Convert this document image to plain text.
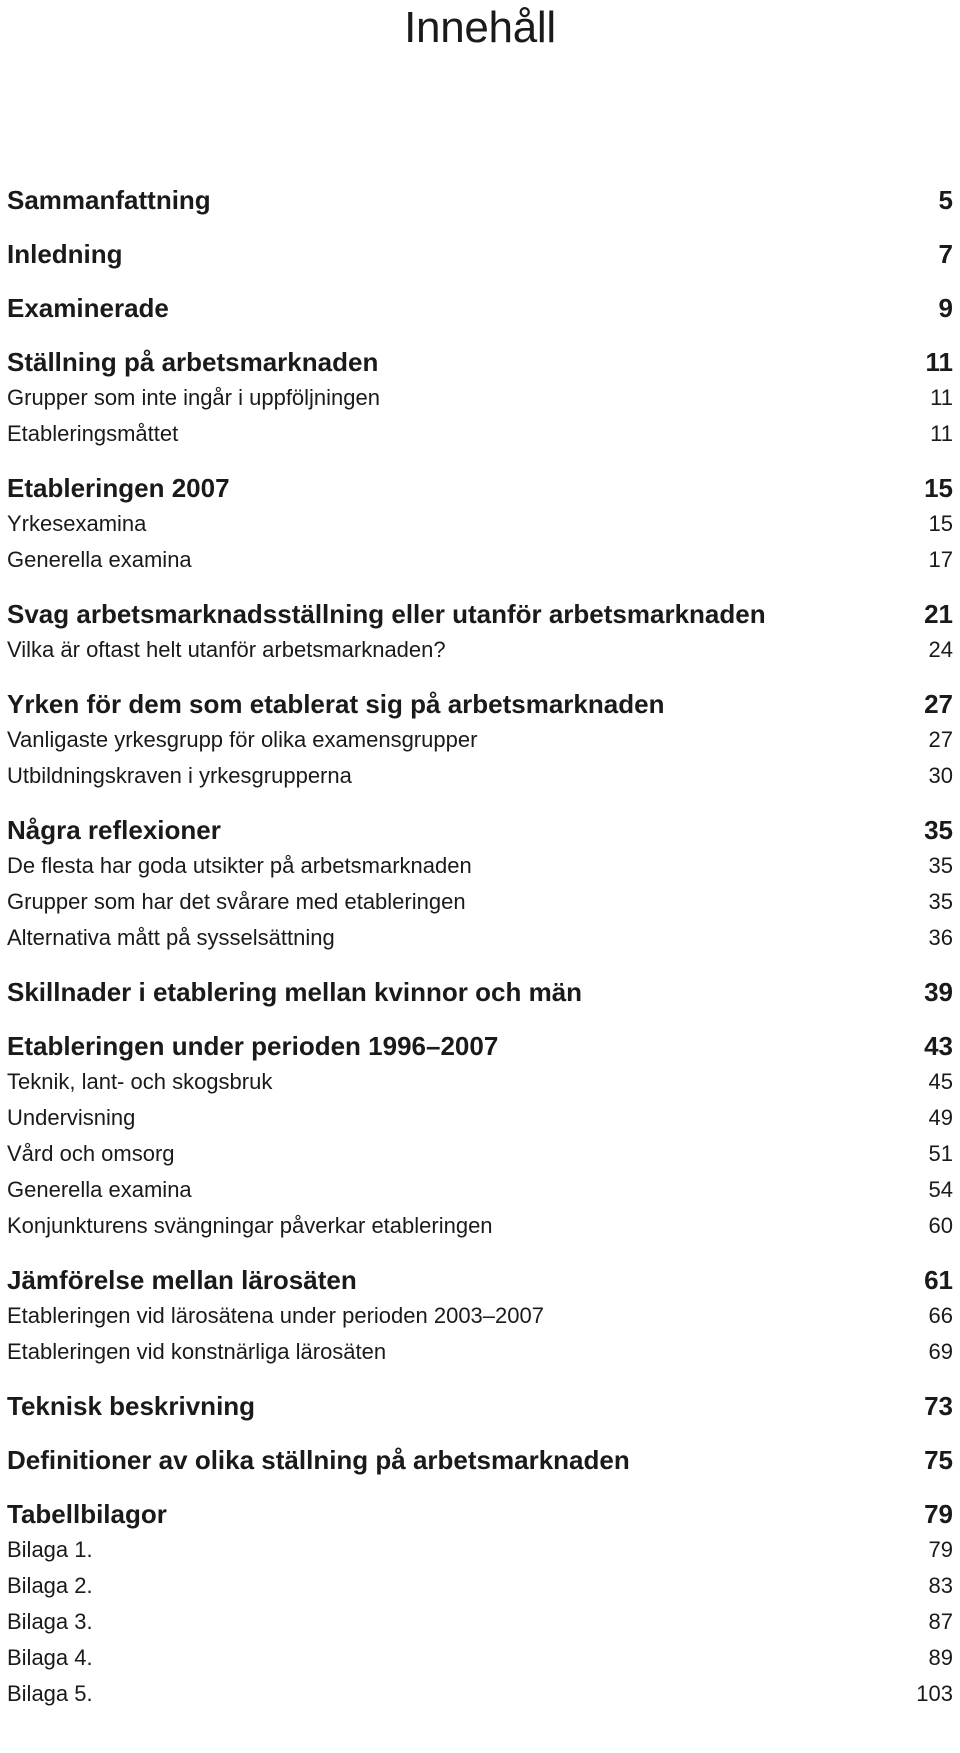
Innehåll
Sammanfattning	5
Inledning	7
Examinerade	9
Ställning på arbetsmarknaden	11
Grupper som inte ingår i uppföljningen	11
Etableringsmåttet	11
Etableringen 2007	15
Yrkesexamina	15
Generella examina	17
Svag arbetsmarknadsställning eller utanför arbetsmarknaden	21
Vilka är oftast helt utanför arbetsmarknaden?	24
Yrken för dem som etablerat sig på arbetsmarknaden	27
Vanligaste yrkesgrupp för olika examensgrupper	27
Utbildningskraven i yrkesgrupperna	30
Några reflexioner	35
De flesta har goda utsikter på arbetsmarknaden	35
Grupper som har det svårare med etableringen	35
Alternativa mått på sysselsättning	36
Skillnader i etablering mellan kvinnor och män	39
Etableringen under perioden 1996–2007	43
Teknik, lant- och skogsbruk	45
Undervisning	49
Vård och omsorg	51
Generella examina	54
Konjunkturens svängningar påverkar etableringen	60
Jämförelse mellan lärosäten	61
Etableringen vid lärosätena under perioden 2003–2007	66
Etableringen vid konstnärliga lärosäten	69
Teknisk beskrivning	73
Definitioner av olika ställning på arbetsmarknaden	75
Tabellbilagor	79
Bilaga 1.	79
Bilaga 2.	83
Bilaga 3.	87
Bilaga 4.	89
Bilaga 5.	103
